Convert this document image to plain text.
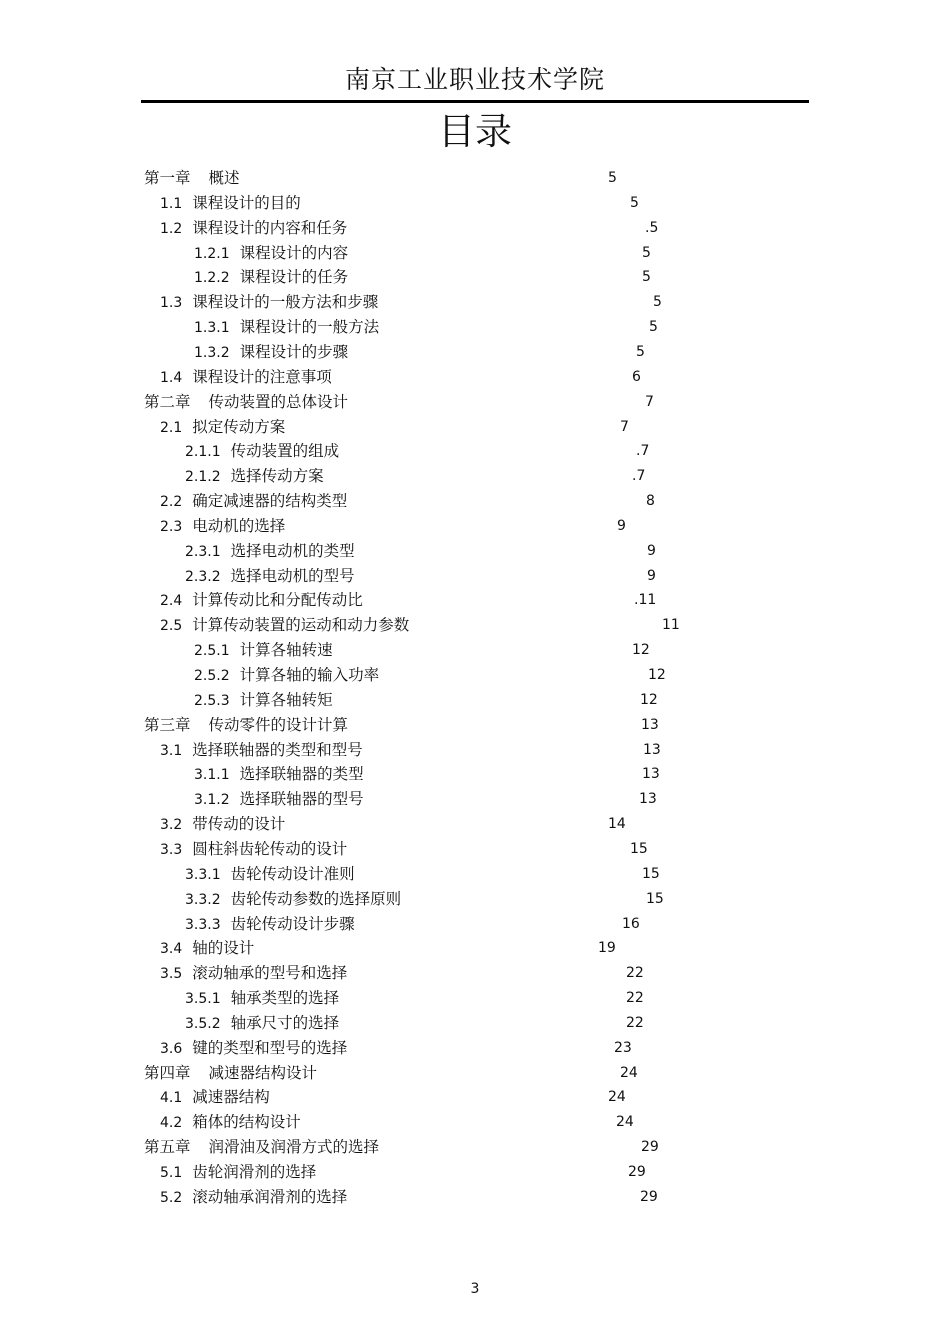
南京工业职业技术学院
目录
第一章 概述	5
1.1 课程设计的目的	5
1.2 课程设计的内容和任务	.5
1.2.1 课程设计的内容	5
1.2.2 课程设计的任务	5
1.3 课程设计的一般方法和步骤	5
1.3.1 课程设计的一般方法	5
1.3.2 课程设计的步骤	5
1.4 课程设计的注意事项	6
第二章 传动装置的总体设计	7
2.1 拟定传动方案	7
2.1.1 传动装置的组成	.7
2.1.2 选择传动方案	.7
2.2 确定减速器的结构类型	8
2.3 电动机的选择	9
2.3.1 选择电动机的类型	9
2.3.2 选择电动机的型号	9
2.4 计算传动比和分配传动比	.11
2.5 计算传动装置的运动和动力参数	11
2.5.1 计算各轴转速	12
2.5.2 计算各轴的输入功率	12
2.5.3 计算各轴转矩	12
第三章 传动零件的设计计算	13
3.1 选择联轴器的类型和型号	13
3.1.1 选择联轴器的类型	13
3.1.2 选择联轴器的型号	13
3.2 带传动的设计	14
3.3 圆柱斜齿轮传动的设计	15
3.3.1 齿轮传动设计准则	15
3.3.2 齿轮传动参数的选择原则	15
3.3.3 齿轮传动设计步骤	16
3.4 轴的设计	19
3.5 滚动轴承的型号和选择	22
3.5.1 轴承类型的选择	22
3.5.2 轴承尺寸的选择	22
3.6 键的类型和型号的选择	23
第四章 减速器结构设计	24
4.1 减速器结构	24
4.2 箱体的结构设计	24
第五章 润滑油及润滑方式的选择	29
5.1 齿轮润滑剂的选择	29
5.2 滚动轴承润滑剂的选择	29
3
